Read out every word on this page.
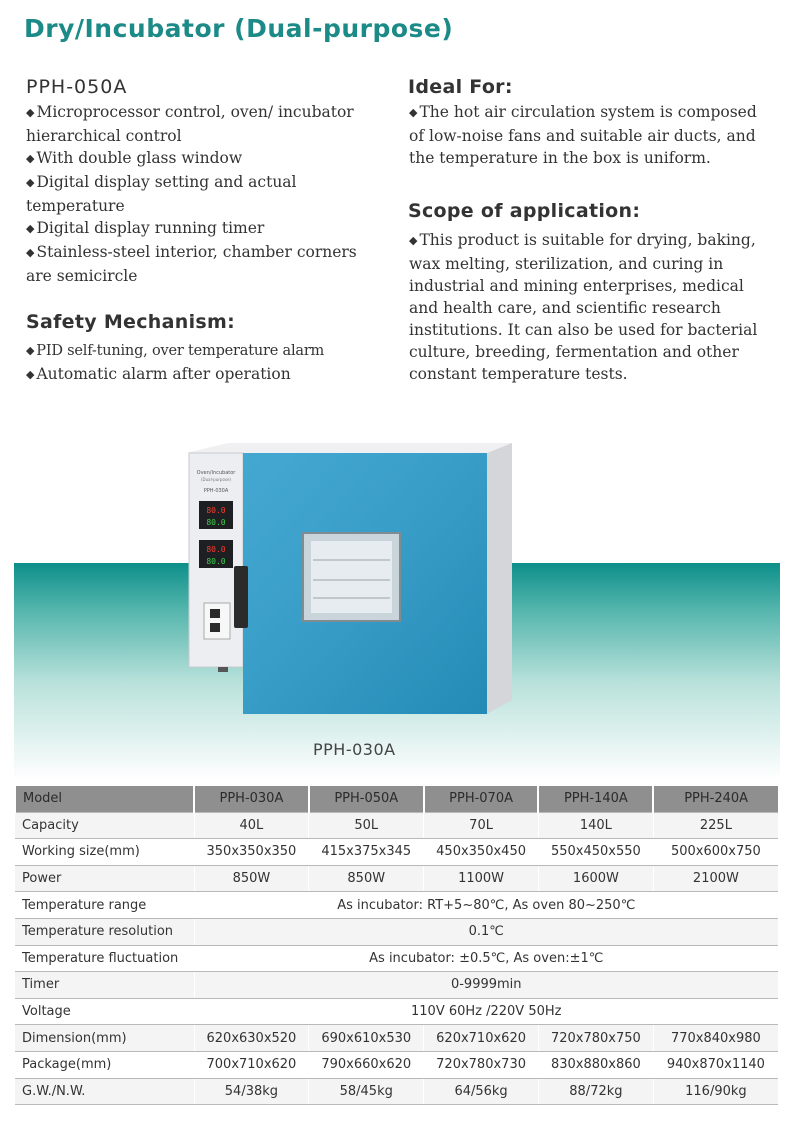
Dry/Incubator (Dual-purpose)
PPH-050A
◆ Microprocessor control, oven/ incubator hierarchical control
◆ With double glass window
◆ Digital display setting and actual temperature
◆ Digital display running timer
◆ Stainless-steel interior, chamber corners are semicircle
Safety Mechanism:
◆ PID self-tuning, over temperature alarm
◆ Automatic alarm after operation
Ideal For:
◆ The hot air circulation system is composed of low-noise fans and suitable air ducts, and the temperature in the box is uniform.
Scope of application:
◆ This product is suitable for drying, baking, wax melting, sterilization, and curing in industrial and mining enterprises, medical and health care, and scientific research institutions. It can also be used for bacterial culture, breeding, fermentation and other constant temperature tests.
Oven/Incubator
(Dual-purpose)
PPH-030A
80.0
80.0
80.0
80.0
PPH-030A
Model	PPH-030A	PPH-050A	PPH-070A	PPH-140A	PPH-240A
Capacity	40L	50L	70L	140L	225L
Working size(mm)	350x350x350	415x375x345	450x350x450	550x450x550	500x600x750
Power	850W	850W	1100W	1600W	2100W
Temperature range	As incubator: RT+5~80℃, As oven 80~250℃				
Temperature resolution	0.1℃				
Temperature fluctuation	As incubator: ±0.5℃, As oven:±1℃				
Timer	0-9999min				
Voltage	110V 60Hz /220V 50Hz				
Dimension(mm)	620x630x520	690x610x530	620x710x620	720x780x750	770x840x980
Package(mm)	700x710x620	790x660x620	720x780x730	830x880x860	940x870x1140
G.W./N.W.	54/38kg	58/45kg	64/56kg	88/72kg	116/90kg
